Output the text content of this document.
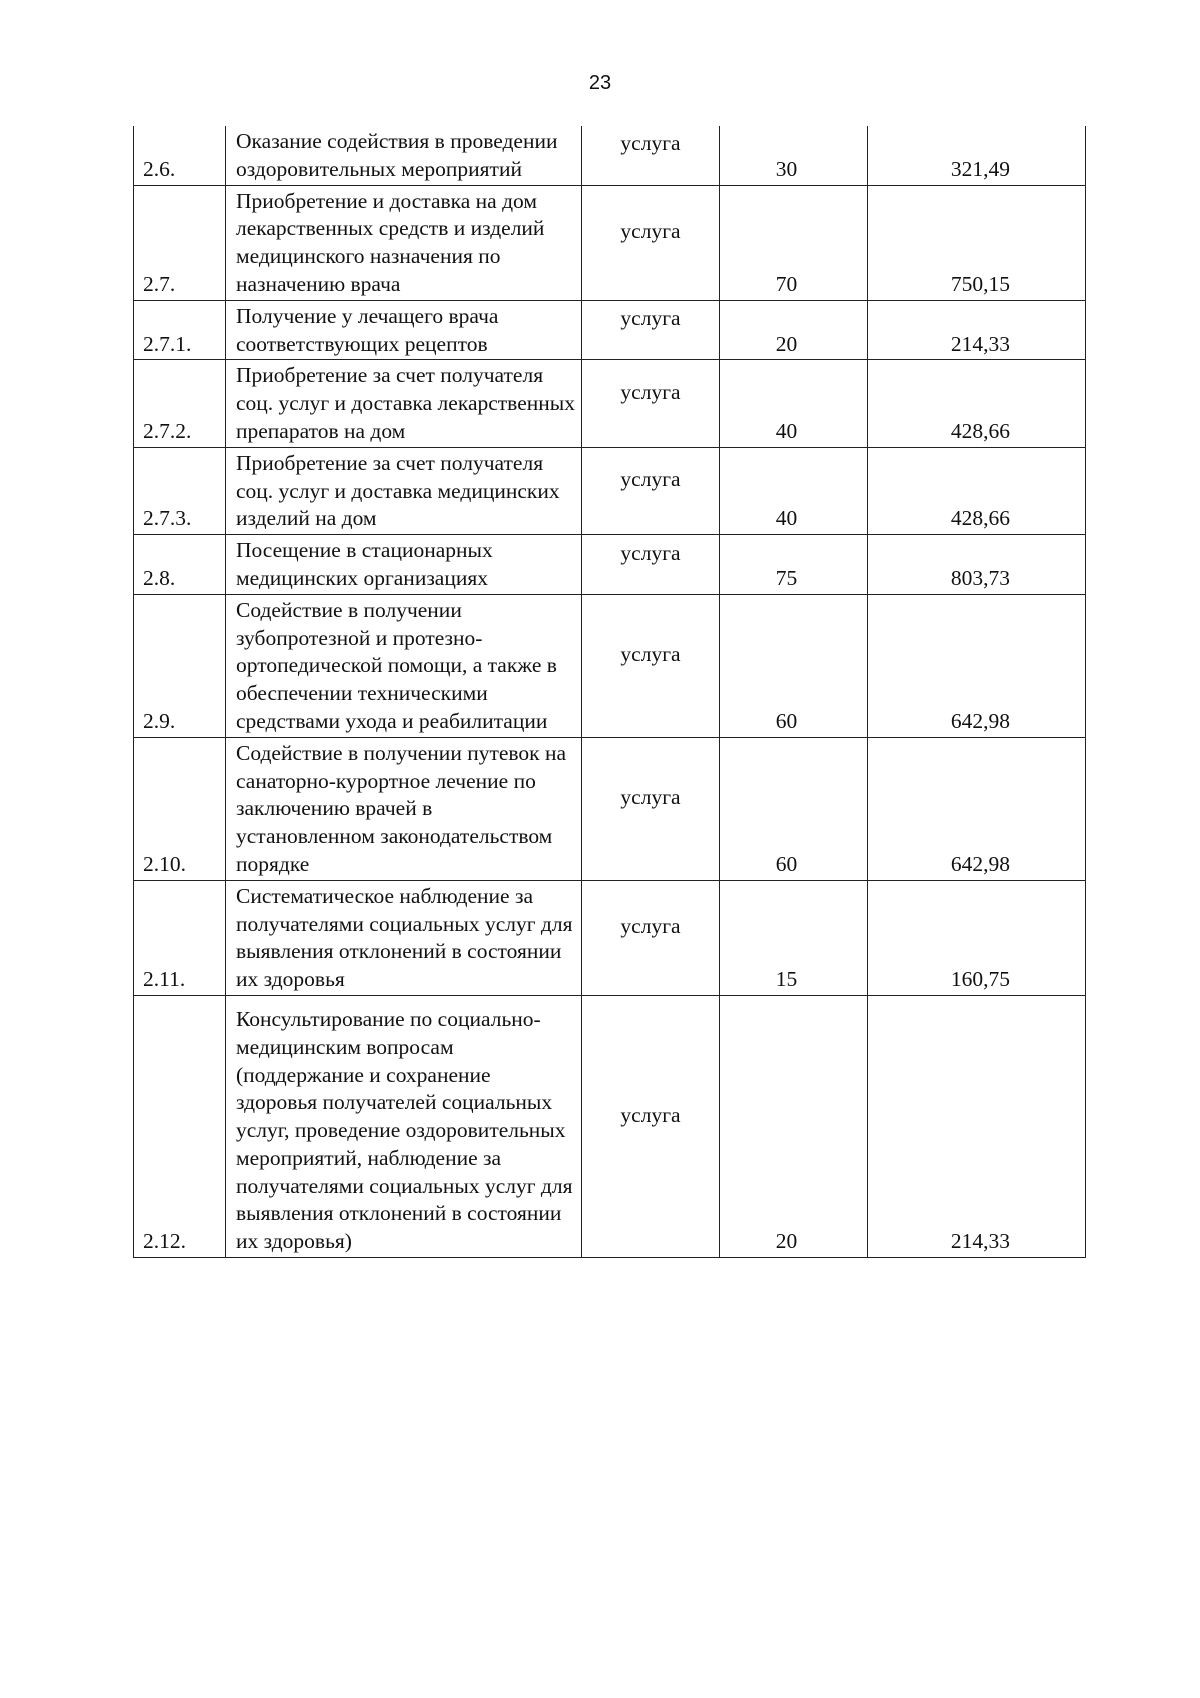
23
2.6.	Оказание содействия в проведении оздоровительных мероприятий	услуга	30	321,49
2.7.	Приобретение и доставка на дом лекарственных средств и изделий медицинского назначения по назначению врача	услуга	70	750,15
2.7.1.	Получение у лечащего врача соответствующих рецептов	услуга	20	214,33
2.7.2.	Приобретение за счет получателя соц. услуг и доставка лекарственных препаратов на дом	услуга	40	428,66
2.7.3.	Приобретение за счет получателя соц. услуг и доставка медицинских изделий на дом	услуга	40	428,66
2.8.	Посещение в стационарных медицинских организациях	услуга	75	803,73
2.9.	Содействие в получении зубопротезной и протезно-ортопедической помощи, а также в обеспечении техническими средствами ухода и реабилитации	услуга	60	642,98
2.10.	Содействие в получении путевок на санаторно-курортное лечение по заключению врачей в установленном законодательством порядке	услуга	60	642,98
2.11.	Систематическое наблюдение за получателями социальных услуг для выявления отклонений в состоянии их здоровья	услуга	15	160,75
2.12.	Консультирование по социально-медицинским вопросам (поддержание и сохранение здоровья получателей социальных услуг, проведение оздоровительных мероприятий, наблюдение за получателями социальных услуг для выявления отклонений в состоянии их здоровья)	услуга	20	214,33
